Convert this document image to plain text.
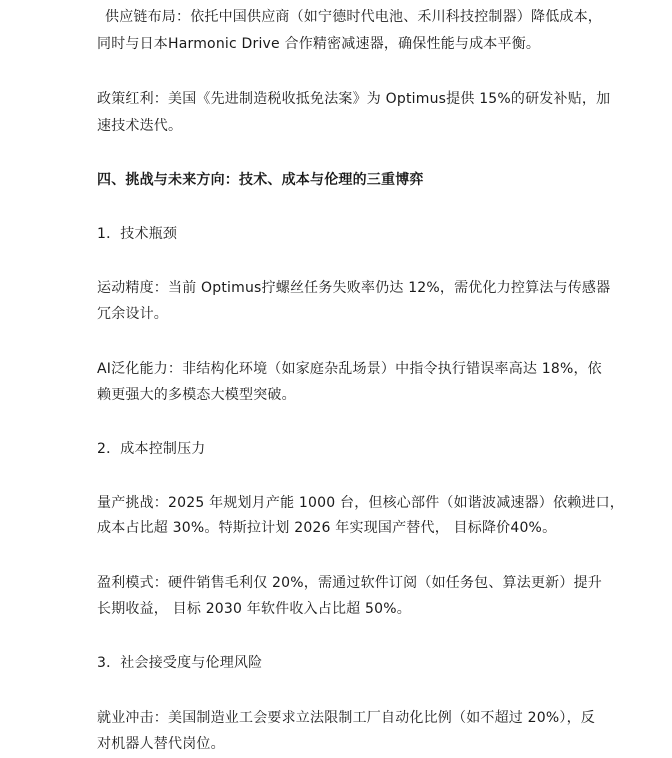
供应链布局：依托中国供应商（如宁德时代电池、禾川科技控制器）降低成本，
同时与日本Harmonic Drive 合作精密减速器，确保性能与成本平衡。
政策红利：美国《先进制造税收抵免法案》为 Optimus提供 15%的研发补贴，加
速技术迭代。
四、挑战与未来方向：技术、成本与伦理的三重博弈
1．技术瓶颈
运动精度：当前 Optimus拧螺丝任务失败率仍达 12%，需优化力控算法与传感器
冗余设计。
AI泛化能力：非结构化环境（如家庭杂乱场景）中指令执行错误率高达 18%，依
赖更强大的多模态大模型突破。
2．成本控制压力
量产挑战：2025 年规划月产能 1000 台，但核心部件（如谐波减速器）依赖进口，
成本占比超 30%。特斯拉计划 2026 年实现国产替代， 目标降价40%。
盈利模式：硬件销售毛利仅 20%，需通过软件订阅（如任务包、算法更新）提升
长期收益， 目标 2030 年软件收入占比超 50%。
3．社会接受度与伦理风险
就业冲击：美国制造业工会要求立法限制工厂自动化比例（如不超过 20%），反
对机器人替代岗位。
